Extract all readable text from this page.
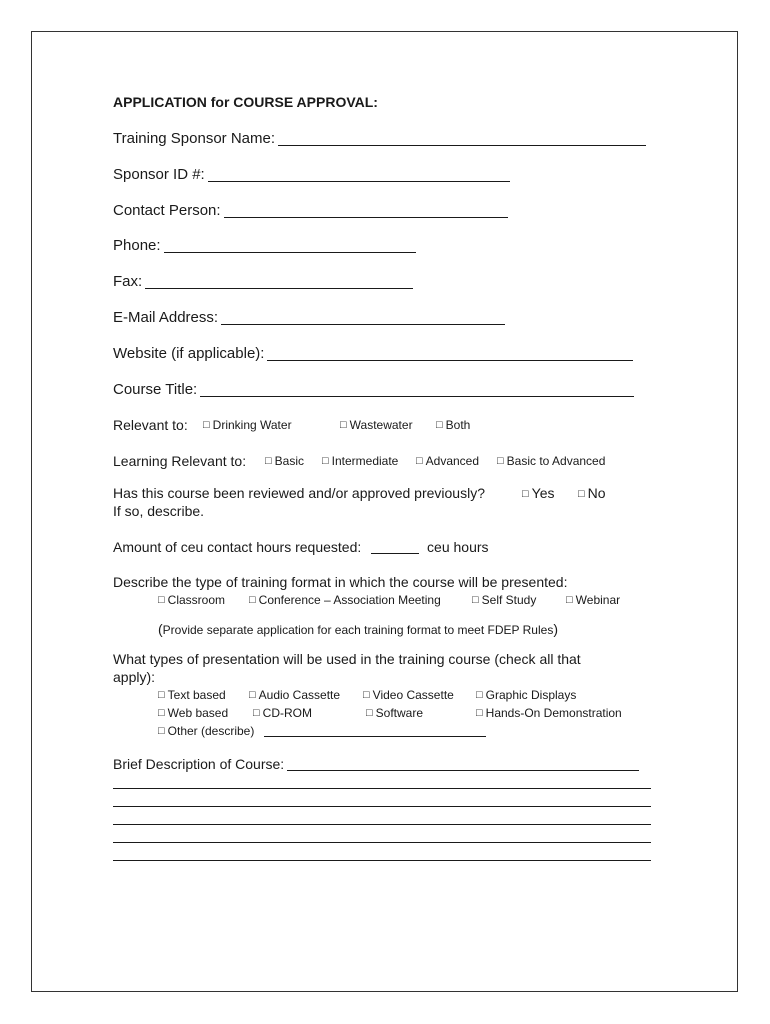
APPLICATION for COURSE APPROVAL:
Training Sponsor Name:
Sponsor ID #:
Contact Person:
Phone:
Fax:
E-Mail Address:
Website (if applicable):
Course Title:
Relevant to: □ Drinking Water	□ Wastewater □ Both
Learning Relevant to: □ Basic □ Intermediate □ Advanced □ Basic to Advanced
Has this course been reviewed and/or approved previously?	□ Yes □ No
If so, describe.
Amount of ceu contact hours requested:	ceu hours
Describe the type of training format in which the course will be presented:
□ Classroom □ Conference – Association Meeting	□ Self Study	□ Webinar
(Provide separate application for each training format to meet FDEP Rules)
What types of presentation will be used in the training course (check all that
apply):
□ Text based □ Audio Cassette □ Video Cassette □ Graphic Displays
□ Web based □ CD-ROM	□ Software	□ Hands-On Demonstration
□ Other (describe)
Brief Description of Course:
